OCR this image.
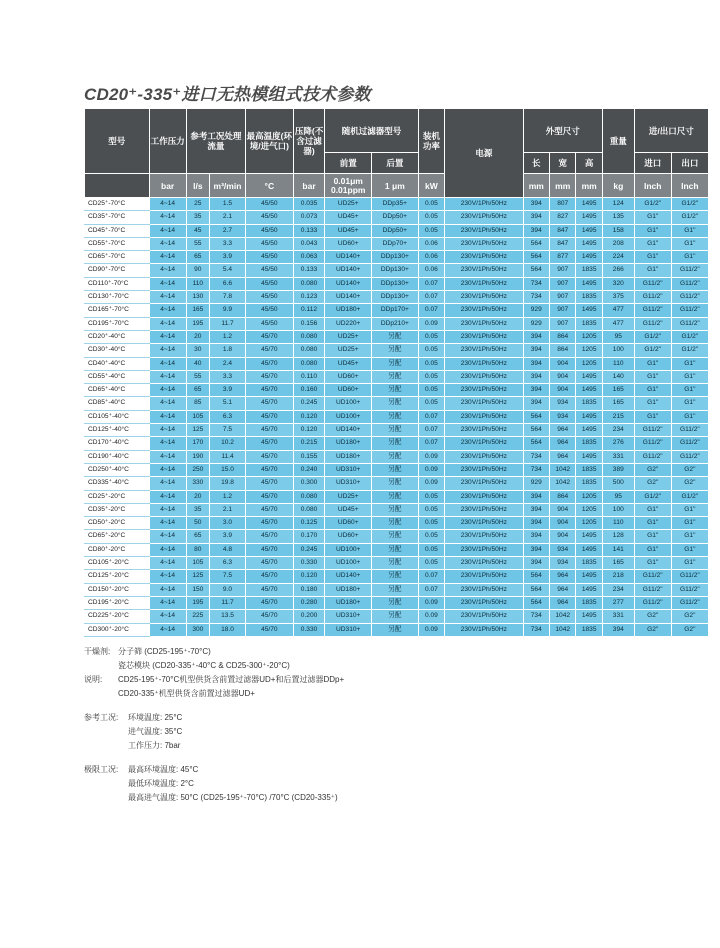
CD20⁺-335⁺进口无热模组式技术参数
型号	工作压力	参考工况处理流量		最高温度(环境/进气口)	压降(不含过滤器)	随机过滤器型号		装机功率	电源	外型尺寸			重量	进/出口尺寸	
						前置	后置			长	宽	高		进口	出口
	bar	l/s	m³/min	°C	bar	0.01μm 0.01ppm	1 μm	kW		mm	mm	mm	kg	Inch	Inch
CD25⁺-70°C	4~14	25	1.5	45/50	0.035	UD25+	DDp35+	0.05	230V/1Ph/50Hz	394	807	1495	124	G1/2"	G1/2"
CD35⁺-70°C	4~14	35	2.1	45/50	0.073	UD45+	DDp50+	0.05	230V/1Ph/50Hz	394	827	1495	135	G1"	G1/2"
CD45⁺-70°C	4~14	45	2.7	45/50	0.133	UD45+	DDp50+	0.05	230V/1Ph/50Hz	394	847	1495	158	G1"	G1"
CD55⁺-70°C	4~14	55	3.3	45/50	0.043	UD60+	DDp70+	0.06	230V/1Ph/50Hz	564	847	1495	208	G1"	G1"
CD65⁺-70°C	4~14	65	3.9	45/50	0.063	UD140+	DDp130+	0.06	230V/1Ph/50Hz	564	877	1495	224	G1"	G1"
CD90⁺-70°C	4~14	90	5.4	45/50	0.133	UD140+	DDp130+	0.06	230V/1Ph/50Hz	564	907	1835	266	G1"	G11/2"
CD110⁺-70°C	4~14	110	6.6	45/50	0.080	UD140+	DDp130+	0.07	230V/1Ph/50Hz	734	907	1495	320	G11/2"	G11/2"
CD130⁺-70°C	4~14	130	7.8	45/50	0.123	UD140+	DDp130+	0.07	230V/1Ph/50Hz	734	907	1835	375	G11/2"	G11/2"
CD165⁺-70°C	4~14	165	9.9	45/50	0.112	UD180+	DDp170+	0.07	230V/1Ph/50Hz	929	907	1495	477	G11/2"	G11/2"
CD195⁺-70°C	4~14	195	11.7	45/50	0.156	UD220+	DDp210+	0.09	230V/1Ph/50Hz	929	907	1835	477	G11/2"	G11/2"
CD20⁺-40°C	4~14	20	1.2	45/70	0.080	UD25+	另配	0.05	230V/1Ph/50Hz	394	864	1205	95	G1/2"	G1/2"
CD30⁺-40°C	4~14	30	1.8	45/70	0.080	UD25+	另配	0.05	230V/1Ph/50Hz	394	864	1205	100	G1/2"	G1/2"
CD40⁺-40°C	4~14	40	2.4	45/70	0.080	UD45+	另配	0.05	230V/1Ph/50Hz	394	904	1205	110	G1"	G1"
CD55⁺-40°C	4~14	55	3.3	45/70	0.110	UD60+	另配	0.05	230V/1Ph/50Hz	394	904	1495	140	G1"	G1"
CD65⁺-40°C	4~14	65	3.9	45/70	0.160	UD60+	另配	0.05	230V/1Ph/50Hz	394	904	1495	165	G1"	G1"
CD85⁺-40°C	4~14	85	5.1	45/70	0.245	UD100+	另配	0.05	230V/1Ph/50Hz	394	934	1835	165	G1"	G1"
CD105⁺-40°C	4~14	105	6.3	45/70	0.120	UD100+	另配	0.07	230V/1Ph/50Hz	564	934	1495	215	G1"	G1"
CD125⁺-40°C	4~14	125	7.5	45/70	0.120	UD140+	另配	0.07	230V/1Ph/50Hz	564	964	1495	234	G11/2"	G11/2"
CD170⁺-40°C	4~14	170	10.2	45/70	0.215	UD180+	另配	0.07	230V/1Ph/50Hz	564	964	1835	276	G11/2"	G11/2"
CD190⁺-40°C	4~14	190	11.4	45/70	0.155	UD180+	另配	0.09	230V/1Ph/50Hz	734	964	1495	331	G11/2"	G11/2"
CD250⁺-40°C	4~14	250	15.0	45/70	0.240	UD310+	另配	0.09	230V/1Ph/50Hz	734	1042	1835	389	G2"	G2"
CD335⁺-40°C	4~14	330	19.8	45/70	0.300	UD310+	另配	0.09	230V/1Ph/50Hz	929	1042	1835	500	G2"	G2"
CD25⁺-20°C	4~14	20	1.2	45/70	0.080	UD25+	另配	0.05	230V/1Ph/50Hz	394	864	1205	95	G1/2"	G1/2"
CD35⁺-20°C	4~14	35	2.1	45/70	0.080	UD45+	另配	0.05	230V/1Ph/50Hz	394	904	1205	100	G1"	G1"
CD50⁺-20°C	4~14	50	3.0	45/70	0.125	UD60+	另配	0.05	230V/1Ph/50Hz	394	904	1205	110	G1"	G1"
CD65⁺-20°C	4~14	65	3.9	45/70	0.170	UD60+	另配	0.05	230V/1Ph/50Hz	394	904	1495	128	G1"	G1"
CD80⁺-20°C	4~14	80	4.8	45/70	0.245	UD100+	另配	0.05	230V/1Ph/50Hz	394	934	1495	141	G1"	G1"
CD105⁺-20°C	4~14	105	6.3	45/70	0.330	UD100+	另配	0.05	230V/1Ph/50Hz	394	934	1835	165	G1"	G1"
CD125⁺-20°C	4~14	125	7.5	45/70	0.120	UD140+	另配	0.07	230V/1Ph/50Hz	564	964	1495	218	G11/2"	G11/2"
CD150⁺-20°C	4~14	150	9.0	45/70	0.180	UD180+	另配	0.07	230V/1Ph/50Hz	564	964	1495	234	G11/2"	G11/2"
CD195⁺-20°C	4~14	195	11.7	45/70	0.280	UD180+	另配	0.09	230V/1Ph/50Hz	564	964	1835	277	G11/2"	G11/2"
CD225⁺-20°C	4~14	225	13.5	45/70	0.200	UD310+	另配	0.09	230V/1Ph/50Hz	734	1042	1495	331	G2"	G2"
CD300⁺-20°C	4~14	300	18.0	45/70	0.330	UD310+	另配	0.09	230V/1Ph/50Hz	734	1042	1835	394	G2"	G2"
干燥剂: 分子筛 (CD25-195⁺-70°C)
瓷芯模块 (CD20-335⁺-40°C & CD25-300⁺-20°C)
说明: CD25-195⁺-70°C机型供货含前置过滤器UD+和后置过滤器DDp+
CD20-335⁺机型供货含前置过滤器UD+
参考工况: 环境温度: 25°C
进气温度: 35°C
工作压力: 7bar
极限工况: 最高环境温度: 45°C
最低环境温度: 2°C
最高进气温度: 50°C (CD25-195⁺-70°C) /70°C (CD20-335⁺)
